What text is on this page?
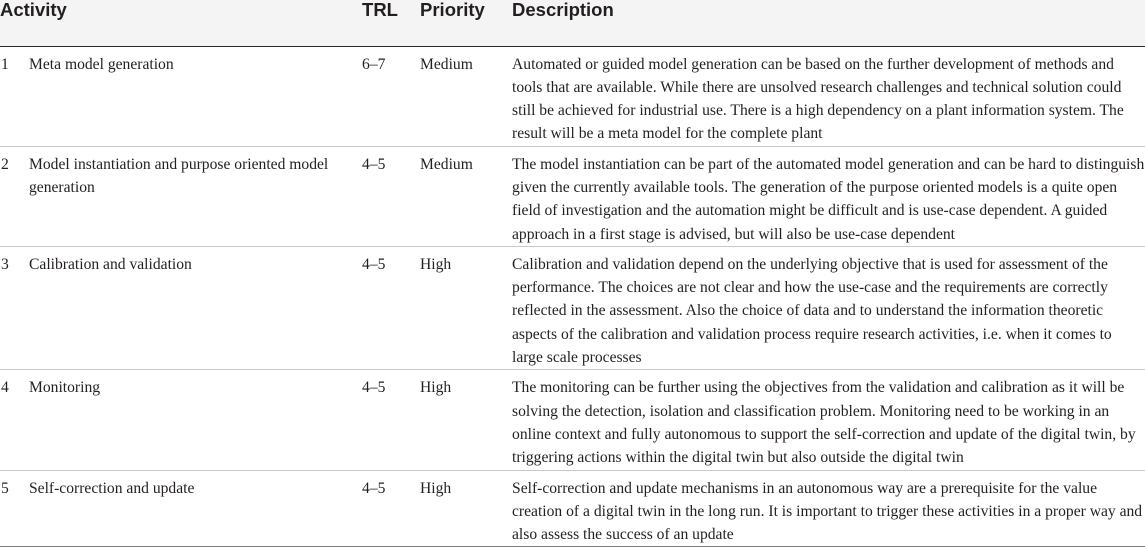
Activity		TRL	Priority	Description
1	Meta model generation	6–7	Medium	Automated or guided model generation can be based on the further development of methods and tools that are available. While there are unsolved research challenges and technical solution could still be achieved for industrial use. There is a high dependency on a plant information system. The result will be a meta model for the complete plant
2	Model instantiation and purpose oriented model generation	4–5	Medium	The model instantiation can be part of the automated model generation and can be hard to distinguish given the currently available tools. The generation of the purpose oriented models is a quite open field of investigation and the automation might be difficult and is use-case dependent. A guided approach in a first stage is advised, but will also be use-case dependent
3	Calibration and validation	4–5	High	Calibration and validation depend on the underlying objective that is used for assessment of the performance. The choices are not clear and how the use-case and the requirements are correctly reflected in the assessment. Also the choice of data and to understand the information theoretic aspects of the calibration and validation process require research activities, i.e. when it comes to large scale processes
4	Monitoring	4–5	High	The monitoring can be further using the objectives from the validation and calibration as it will be solving the detection, isolation and classification problem. Monitoring need to be working in an online context and fully autonomous to support the self-correction and update of the digital twin, by triggering actions within the digital twin but also outside the digital twin
5	Self-correction and update	4–5	High	Self-correction and update mechanisms in an autonomous way are a prerequisite for the value creation of a digital twin in the long run. It is important to trigger these activities in a proper way and also assess the success of an update
